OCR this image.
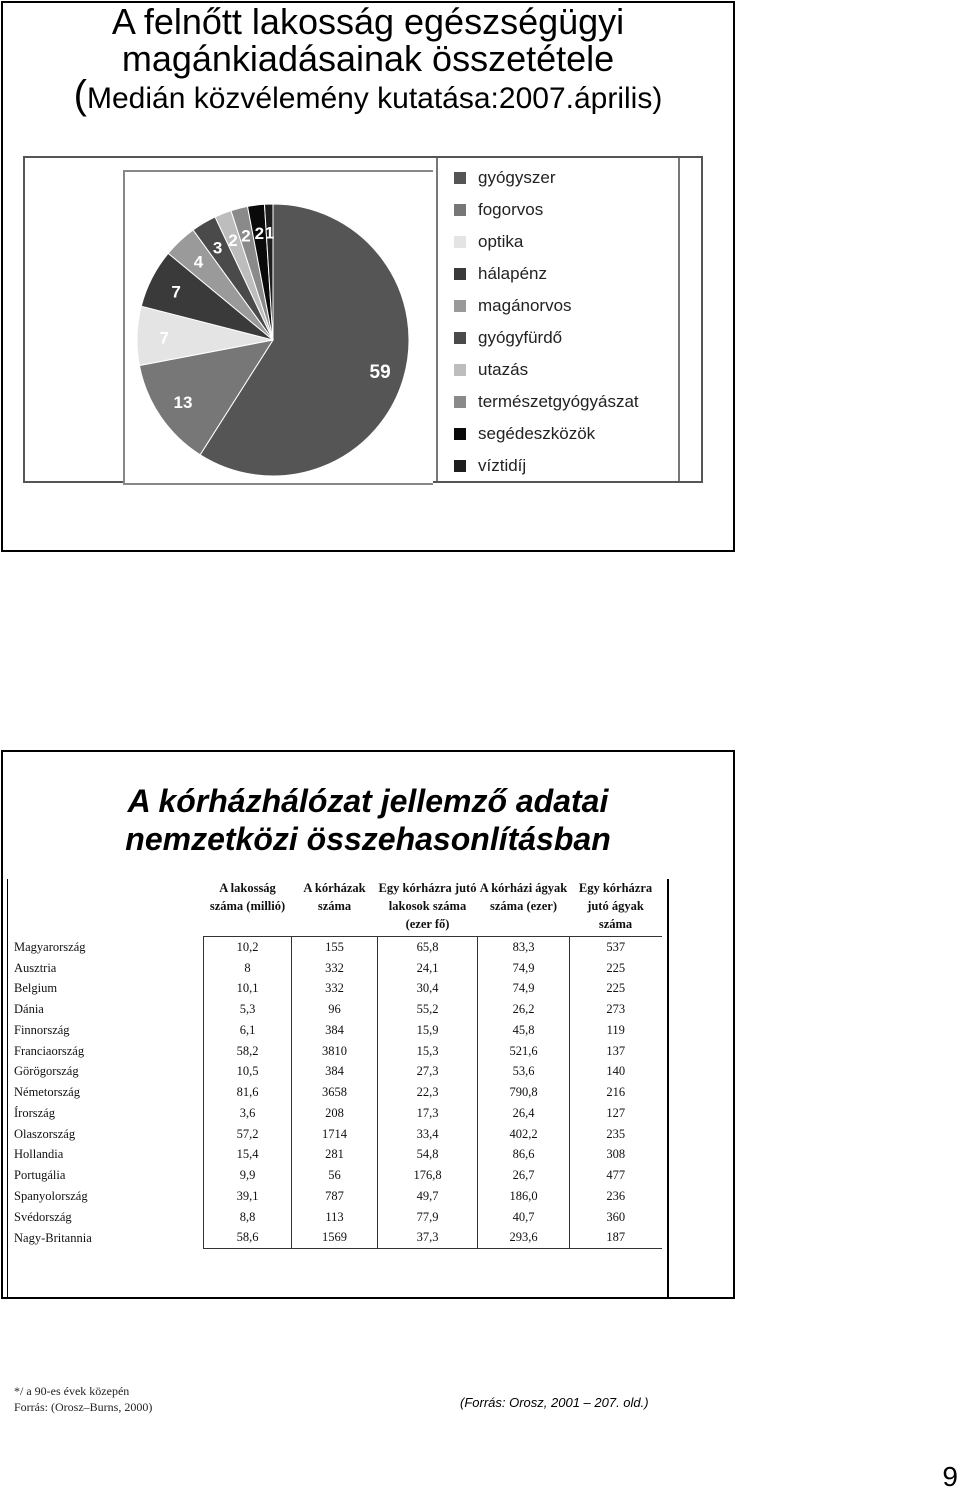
A felnőtt lakosság egészségügyi
magánkiadásainak összetétele
(Medián közvélemény kutatása:2007.április)
59
13
7
7
4
3 2 2 2 1
gyógyszer
fogorvos
optika
hálapénz
magánorvos
gyógyfürdő
utazás
természetgyógyászat
segédeszközök
víztidíj
A kórházhálózat jellemző adatai
nemzetközi összehasonlításban
	A lakosság száma (millió)	A kórházak száma	Egy kórházra jutó lakosok száma (ezer fő)	A kórházi ágyak száma (ezer)	Egy kórházra jutó ágyak száma
Magyarország	10,2	155	65,8	83,3	537
Ausztria	8	332	24,1	74,9	225
Belgium	10,1	332	30,4	74,9	225
Dánia	5,3	96	55,2	26,2	273
Finnország	6,1	384	15,9	45,8	119
Franciaország	58,2	3810	15,3	521,6	137
Görögország	10,5	384	27,3	53,6	140
Németország	81,6	3658	22,3	790,8	216
Írország	3,6	208	17,3	26,4	127
Olaszország	57,2	1714	33,4	402,2	235
Hollandia	15,4	281	54,8	86,6	308
Portugália	9,9	56	176,8	26,7	477
Spanyolország	39,1	787	49,7	186,0	236
Svédország	8,8	113	77,9	40,7	360
Nagy-Britannia	58,6	1569	37,3	293,6	187
*/ a 90-es évek közepén
Forrás: (Orosz–Burns, 2000)	(Forrás: Orosz, 2001 – 207. old.)
9
